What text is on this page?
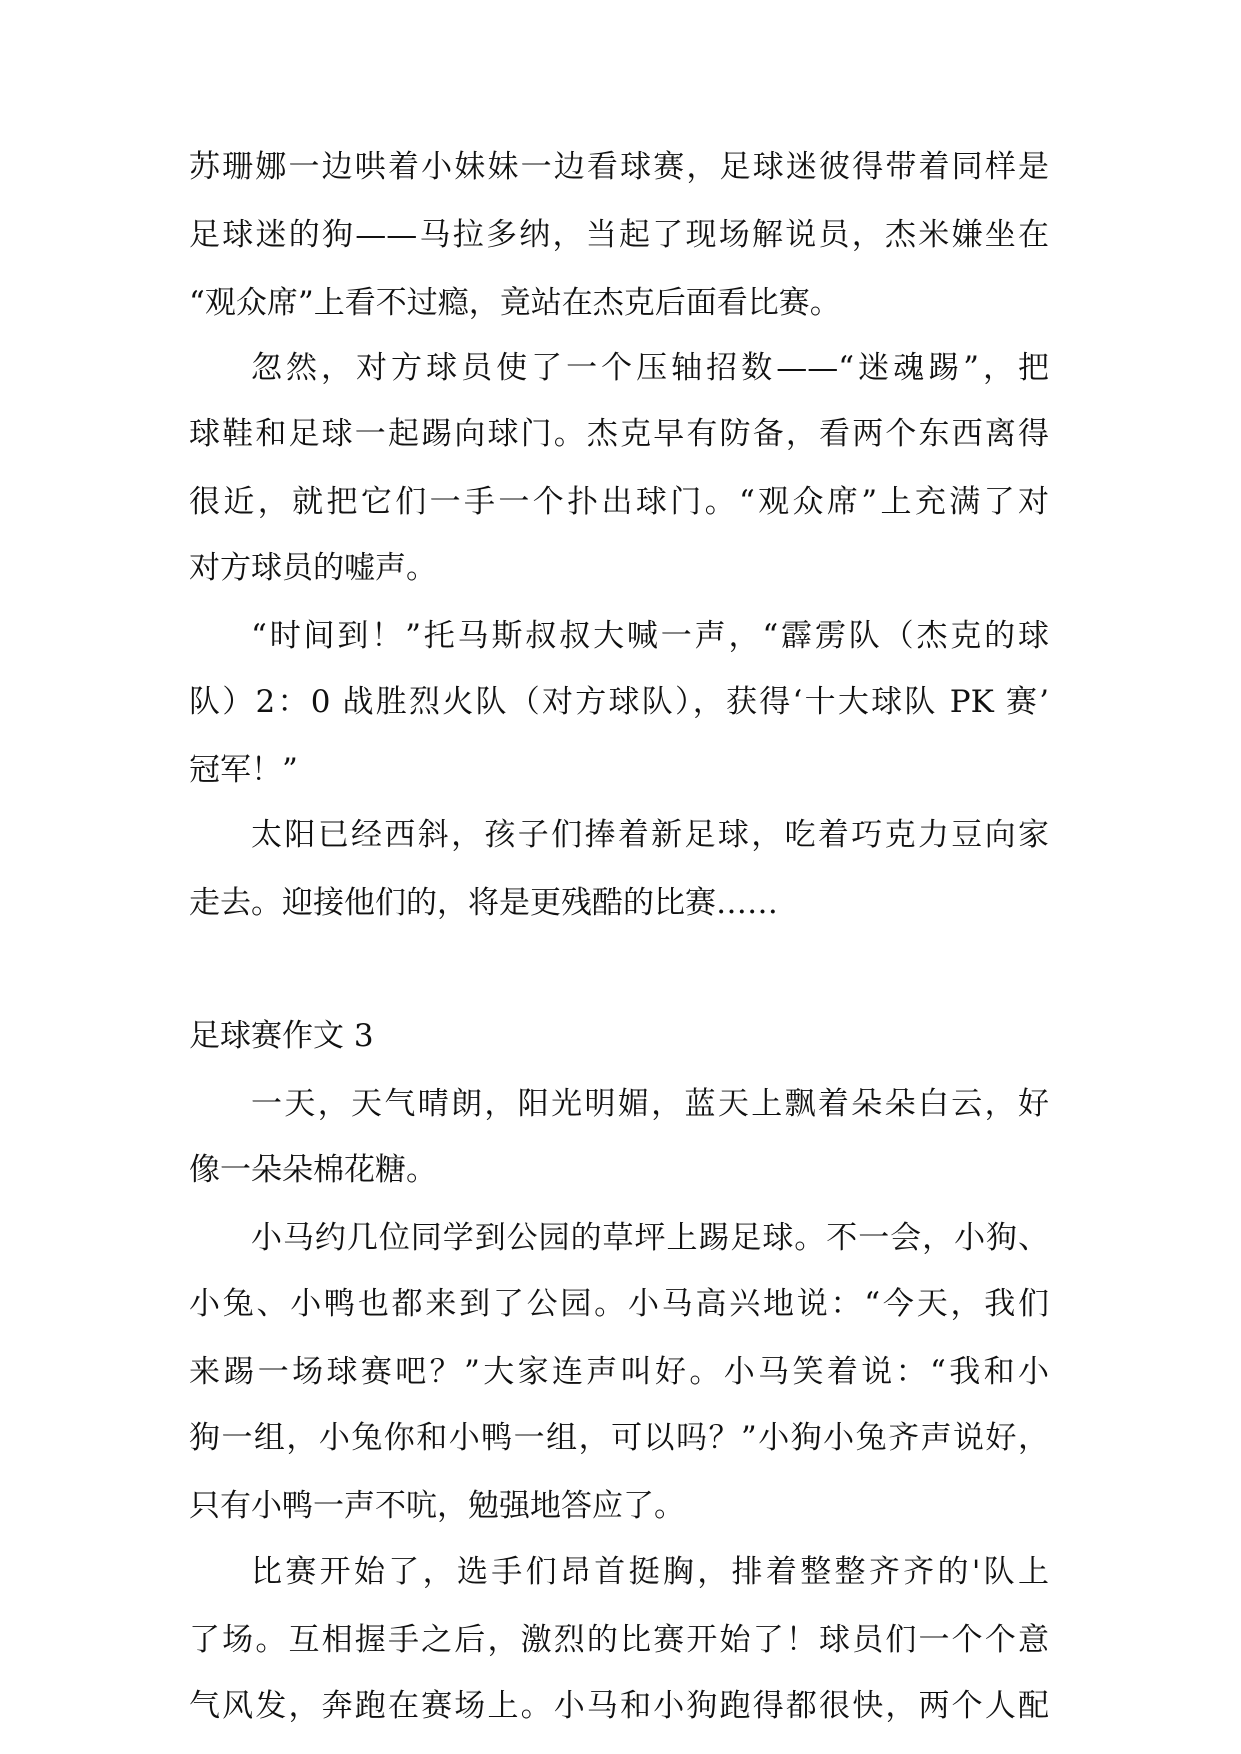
苏珊娜一边哄着小妹妹一边看球赛，足球迷彼得带着同样是

足球迷的狗——马拉多纳，当起了现场解说员，杰米嫌坐在

“观众席”上看不过瘾，竟站在杰克后面看比赛。

忽然，对方球员使了一个压轴招数——“迷魂踢”，把

球鞋和足球一起踢向球门。杰克早有防备，看两个东西离得

很近，就把它们一手一个扑出球门。“观众席”上充满了对

对方球员的嘘声。

“时间到！”托马斯叔叔大喊一声，“霹雳队（杰克的球

队）2：0 战胜烈火队（对方球队），获得‘十大球队 PK 赛’

冠军！”

太阳已经西斜，孩子们捧着新足球，吃着巧克力豆向家

走去。迎接他们的，将是更残酷的比赛……

足球赛作文 3

一天，天气晴朗，阳光明媚，蓝天上飘着朵朵白云，好

像一朵朵棉花糖。

小马约几位同学到公园的草坪上踢足球。不一会，小狗、

小兔、小鸭也都来到了公园。小马高兴地说：“今天，我们

来踢一场球赛吧？”大家连声叫好。小马笑着说：“我和小

狗一组，小兔你和小鸭一组，可以吗？”小狗小兔齐声说好，

只有小鸭一声不吭，勉强地答应了。

比赛开始了，选手们昂首挺胸，排着整整齐齐的'队上

了场。互相握手之后，激烈的比赛开始了！球员们一个个意

气风发，奔跑在赛场上。小马和小狗跑得都很快，两个人配
